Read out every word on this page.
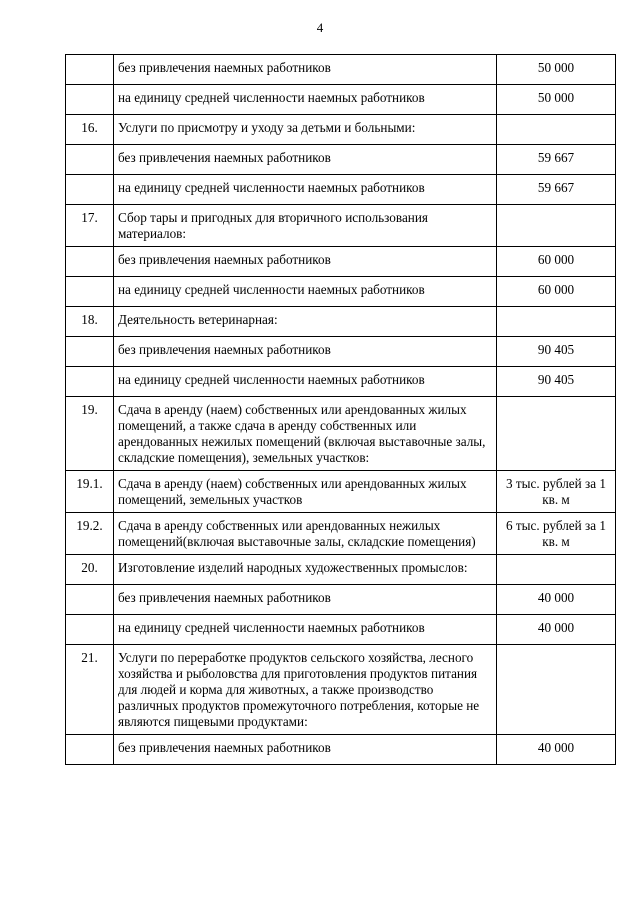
4
	без привлечения наемных работников	50 000
	на единицу средней численности наемных работников	50 000
16.	Услуги по присмотру и уходу за детьми и больными:	
	без привлечения наемных работников	59 667
	на единицу средней численности наемных работников	59 667
17.	Сбор тары и пригодных для вторичного использования материалов:	
	без привлечения наемных работников	60 000
	на единицу средней численности наемных работников	60 000
18.	Деятельность ветеринарная:	
	без привлечения наемных работников	90 405
	на единицу средней численности наемных работников	90 405
19.	Сдача в аренду (наем) собственных или арендованных жилых помещений, а также сдача в аренду собственных или арендованных нежилых помещений (включая выставочные залы, складские помещения), земельных участков:	
19.1.	Сдача в аренду (наем) собственных или арендованных жилых помещений, земельных участков	3 тыс. рублей за 1 кв. м
19.2.	Сдача в аренду собственных или арендованных нежилых помещений(включая выставочные залы, складские помещения)	6 тыс. рублей за 1 кв. м
20.	Изготовление изделий народных художественных промыслов:	
	без привлечения наемных работников	40 000
	на единицу средней численности наемных работников	40 000
21.	Услуги по переработке продуктов сельского хозяйства, лесного хозяйства и рыболовства для приготовления продуктов питания для людей и корма для животных, а также производство различных продуктов промежуточного потребления, которые не являются пищевыми продуктами:	
	без привлечения наемных работников	40 000
